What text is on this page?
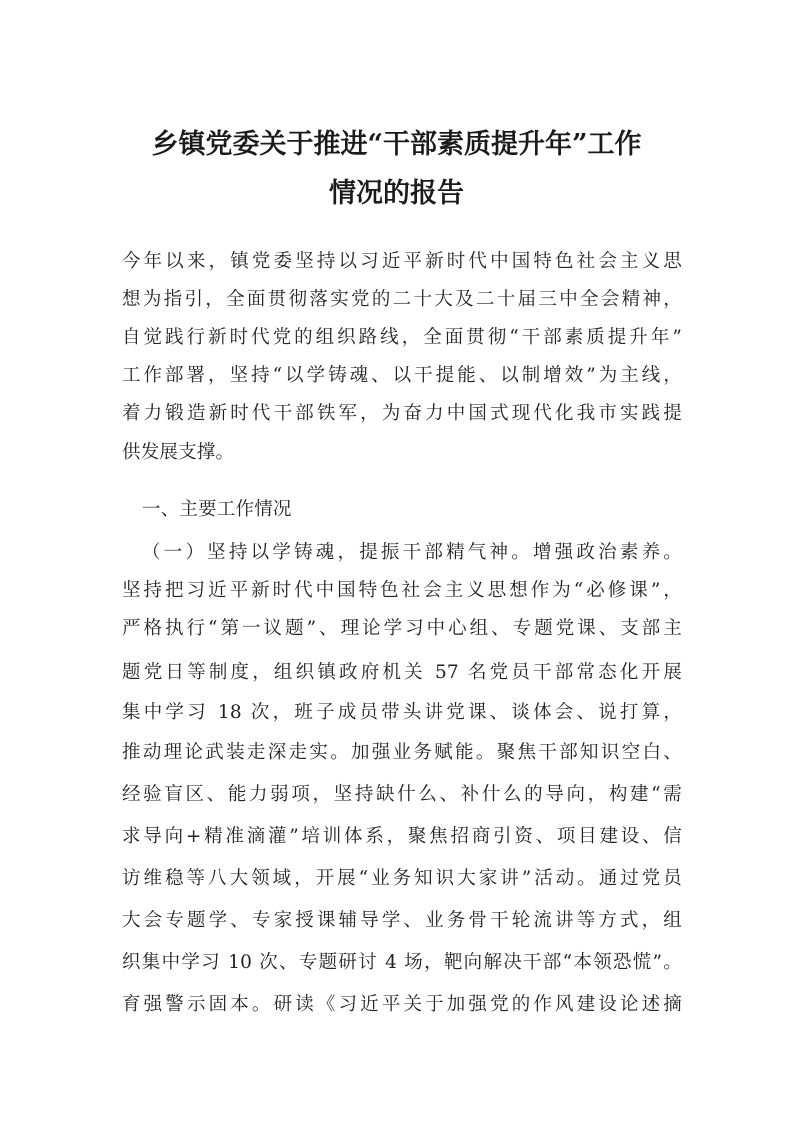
乡镇党委关于推进“干部素质提升年”工作
情况的报告
今年以来，镇党委坚持以习近平新时代中国特色社会主义思
想为指引，全面贯彻落实党的二十大及二十届三中全会精神，
自觉践行新时代党的组织路线，全面贯彻“干部素质提升年”
工作部署，坚持“以学铸魂、以干提能、以制增效”为主线，
着力锻造新时代干部铁军，为奋力中国式现代化我市实践提
供发展支撑。
一、主要工作情况
（一）坚持以学铸魂，提振干部精气神。增强政治素养。
坚持把习近平新时代中国特色社会主义思想作为“必修课”，
严格执行“第一议题”、理论学习中心组、专题党课、支部主
题党日等制度，组织镇政府机关 57 名党员干部常态化开展
集中学习 18 次，班子成员带头讲党课、谈体会、说打算，
推动理论武装走深走实。加强业务赋能。聚焦干部知识空白、
经验盲区、能力弱项，坚持缺什么、补什么的导向，构建“需
求导向+精准滴灌”培训体系，聚焦招商引资、项目建设、信
访维稳等八大领域，开展“业务知识大家讲”活动。通过党员
大会专题学、专家授课辅导学、业务骨干轮流讲等方式，组
织集中学习 10 次、专题研讨 4 场，靶向解决干部“本领恐慌”。
育强警示固本。研读《习近平关于加强党的作风建设论述摘
